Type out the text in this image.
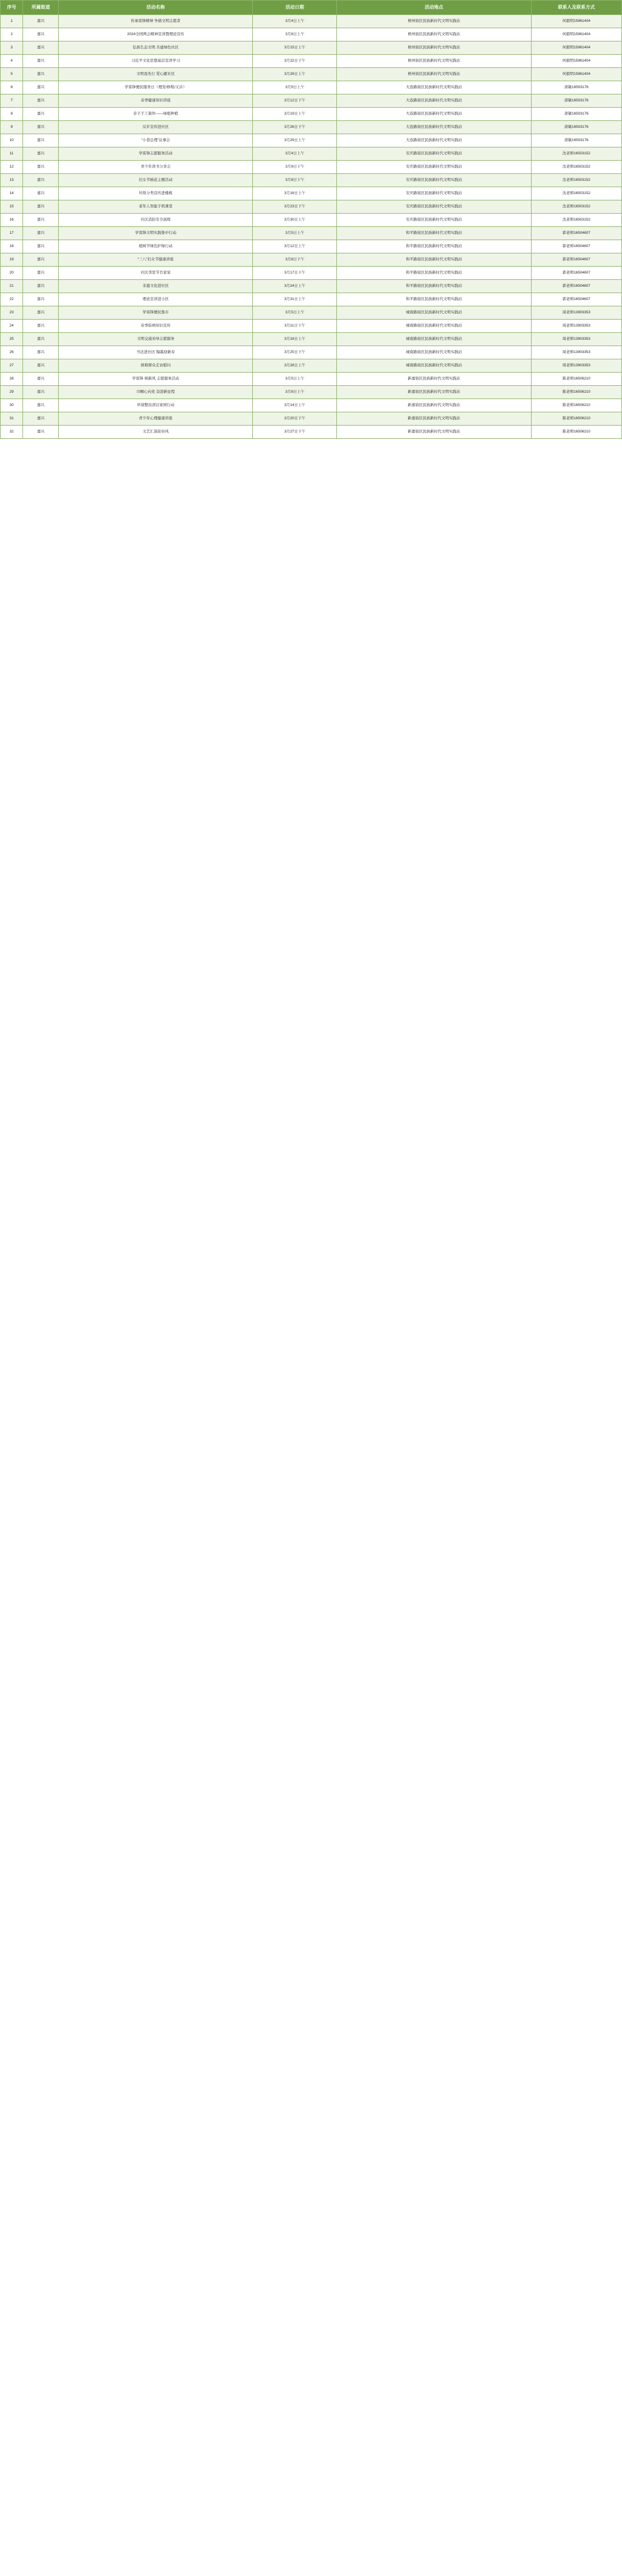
序号	所属街道	活动名称	活动日期	活动地点	联系人及联系方式
1	嘉兴	传承雷锋精神 争做文明志愿者	3月4日上午	梧州街区民族新时代文明实践站	何毅明15961404
2	嘉兴	2024全国两会精神宣讲暨理论宣传	3月8日上午	梧州街区民族新时代文明实践站	何毅明15961404
3	嘉兴	弘扬生态文明 共建绿色社区	3月15日上午	梧州街区民族新时代文明实践站	何毅明15961404
4	嘉兴	习近平文化思想基层宣讲学习	3月22日下午	梧州街区民族新时代文明实践站	何毅明15961404
5	嘉兴	文明我先行 爱心献社区	3月28日上午	梧州街区民族新时代文明实践站	何毅明15961404
6	嘉兴	学雷锋便民服务日（理发/修鞋/义诊）	3月5日上午	大连路街区民族新时代文明实践站	唐敏16503176
7	嘉兴	春季健康知识讲座	3月12日下午	大连路街区民族新时代文明实践站	唐敏16503176
8	嘉兴	亲子手工制作——绿植种植	3月19日上午	大连路街区民族新时代文明实践站	唐敏16503176
9	嘉兴	反诈宣传进社区	3月26日下午	大连路街区民族新时代文明实践站	唐敏16503176
10	嘉兴	“小巷总理”议事会	3月29日上午	大连路街区民族新时代文明实践站	唐敏16503176
11	嘉兴	学雷锋志愿服务活动	3月4日上午	安庆路街区民族新时代文明实践站	沈老师16503152
12	嘉兴	青少年读书分享会	3月9日下午	安庆路街区民族新时代文明实践站	沈老师16503152
13	嘉兴	妇女节插花主题活动	3月8日下午	安庆路街区民族新时代文明实践站	沈老师16503152
14	嘉兴	垃圾分类宣传进楼栋	3月16日上午	安庆路街区民族新时代文明实践站	沈老师16503152
15	嘉兴	老年人智能手机课堂	3月23日下午	安庆路街区民族新时代文明实践站	沈老师16503152
16	嘉兴	社区消防安全演练	3月30日上午	安庆路街区民族新时代文明实践站	沈老师16503152
17	嘉兴	学雷锋文明实践集中行动	3月5日上午	和平路街区民族新时代文明实践站	郭老师16504607
18	嘉兴	植树节绿色护绿行动	3月12日上午	和平路街区民族新时代文明实践站	郭老师16504607
19	嘉兴	“三八”妇女节健康讲座	3月8日下午	和平路街区民族新时代文明实践站	郭老师16504607
20	嘉兴	社区邻里节百家宴	3月17日下午	和平路街区民族新时代文明实践站	郭老师16504607
21	嘉兴	非遗文化进社区	3月24日上午	和平路街区民族新时代文明实践站	郭老师16504607
22	嘉兴	理论宣讲进小区	3月31日上午	和平路街区民族新时代文明实践站	郭老师16504607
23	嘉兴	学雷锋便民集市	3月5日上午	城南路街区民族新时代文明实践站	周老师13903353
24	嘉兴	春季防病知识宣传	3月11日下午	城南路街区民族新时代文明实践站	周老师13903353
25	嘉兴	文明交通劝导志愿服务	3月18日上午	城南路街区民族新时代文明实践站	周老师13903353
26	嘉兴	书法进社区 翰墨迎新春	3月25日下午	城南路街区民族新时代文明实践站	周老师13903353
27	嘉兴	困难群众走访慰问	3月28日上午	城南路街区民族新时代文明实践站	周老师13903353
28	嘉兴	学雷锋 树新风 志愿服务活动	3月5日上午	新嘉街区民族新时代文明实践站	陈老师16506210
29	嘉兴	巾帼心向党 奋进新征程	3月8日上午	新嘉街区民族新时代文明实践站	陈老师16506210
30	嘉兴	环境整治清洁家园行动	3月14日上午	新嘉街区民族新时代文明实践站	陈老师16506210
31	嘉兴	青少年心理健康讲座	3月20日下午	新嘉街区民族新时代文明实践站	陈老师16506210
32	嘉兴	文艺汇演迎春风	3月27日下午	新嘉街区民族新时代文明实践站	陈老师16506210
